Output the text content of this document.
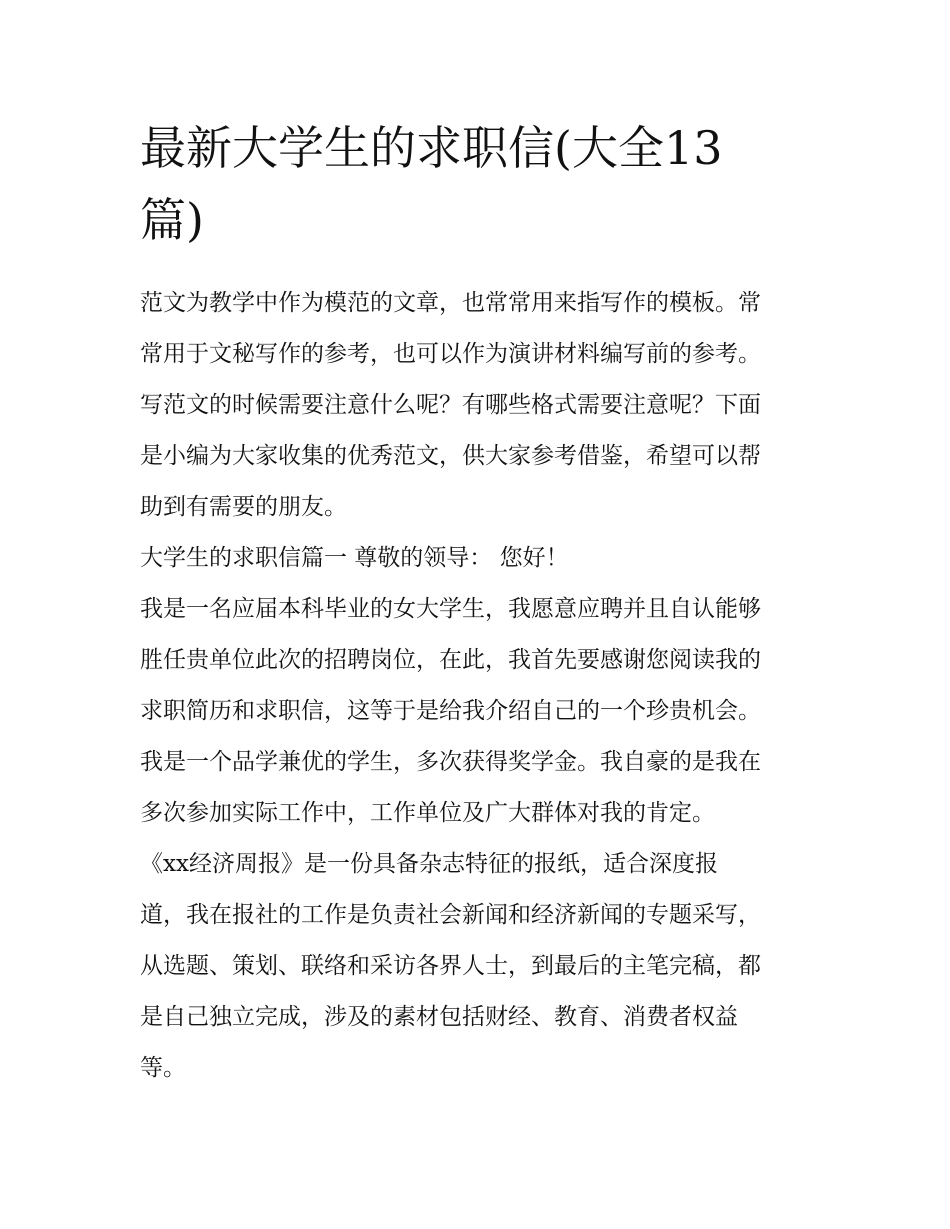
最新大学生的求职信(大全13
篇)
范文为教学中作为模范的文章，也常常用来指写作的模板。常
常用于文秘写作的参考，也可以作为演讲材料编写前的参考。
写范文的时候需要注意什么呢？有哪些格式需要注意呢？下面
是小编为大家收集的优秀范文，供大家参考借鉴，希望可以帮
助到有需要的朋友。
大学生的求职信篇一 尊敬的领导： 您好！
我是一名应届本科毕业的女大学生，我愿意应聘并且自认能够
胜任贵单位此次的招聘岗位，在此，我首先要感谢您阅读我的
求职简历和求职信，这等于是给我介绍自己的一个珍贵机会。
我是一个品学兼优的学生，多次获得奖学金。我自豪的是我在
多次参加实际工作中，工作单位及广大群体对我的肯定。
《xx经济周报》是一份具备杂志特征的报纸，适合深度报
道，我在报社的工作是负责社会新闻和经济新闻的专题采写，
从选题、策划、联络和采访各界人士，到最后的主笔完稿，都
是自己独立完成，涉及的素材包括财经、教育、消费者权益
等。
